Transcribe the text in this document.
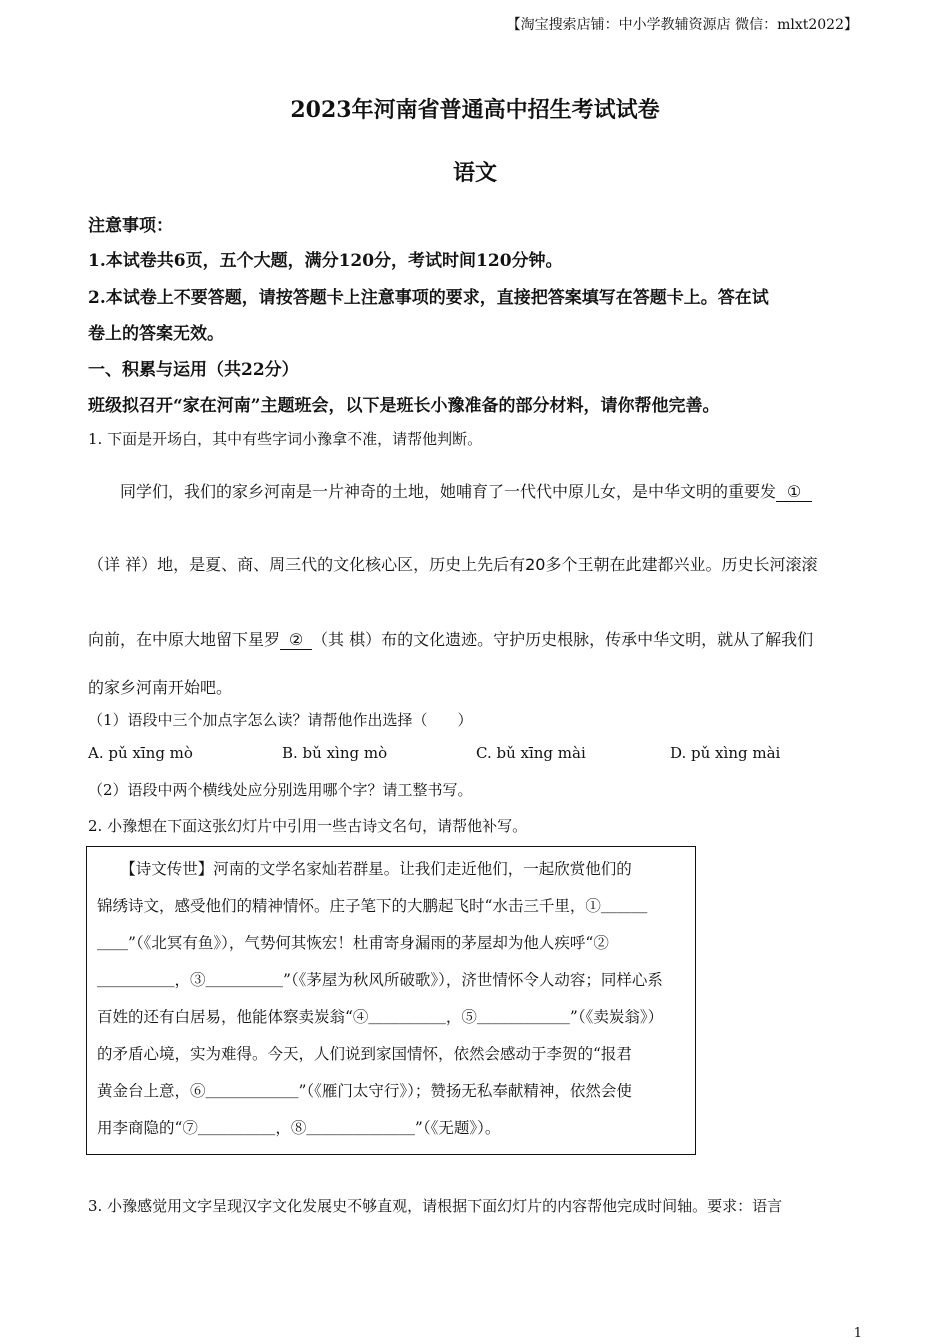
【淘宝搜索店铺：中小学教辅资源店 微信：mlxt2022】
2023年河南省普通高中招生考试试卷
语文
注意事项：
1.本试卷共6页，五个大题，满分120分，考试时间120分钟。
2.本试卷上不要答题，请按答题卡上注意事项的要求，直接把答案填写在答题卡上。答在试
卷上的答案无效。
一、积累与运用（共22分）
班级拟召开“家在河南”主题班会，以下是班长小豫准备的部分材料，请你帮他完善。
1. 下面是开场白，其中有些字词小豫拿不准，请帮他判断。
同学们，我们的家乡河南是一片神奇的土地，她哺育了一代代中原儿女，是中华文明的重要发 ①
（详 祥）地，是夏、商、周三代的文化核心区，历史上先后有20多个王朝在此建都兴业。历史长河滚滚
向前，在中原大地留下星罗 ② （其 棋）布的文化遗迹。守护历史根脉，传承中华文明，就从了解我们
的家乡河南开始吧。
（1）语段中三个加点字怎么读？请帮他作出选择（　　）
A. pǔ xīng mò	B. bǔ xìng mò	C. bǔ xīng mài	D. pǔ xìng mài
（2）语段中两个横线处应分别选用哪个字？请工整书写。
2. 小豫想在下面这张幻灯片中引用一些古诗文名句，请帮他补写。
　　【诗文传世】河南的文学名家灿若群星。让我们走近他们，一起欣赏他们的
锦绣诗文，感受他们的精神情怀。庄子笔下的大鹏起飞时“水击三千里，①＿＿＿
＿＿”（《北冥有鱼》），气势何其恢宏！杜甫寄身漏雨的茅屋却为他人疾呼“②
＿＿＿＿＿，③＿＿＿＿＿”（《茅屋为秋风所破歌》），济世情怀令人动容；同样心系
百姓的还有白居易，他能体察卖炭翁“④＿＿＿＿＿，⑤＿＿＿＿＿＿”（《卖炭翁》）
的矛盾心境，实为难得。今天，人们说到家国情怀，依然会感动于李贺的“报君
黄金台上意，⑥＿＿＿＿＿＿”（《雁门太守行》）；赞扬无私奉献精神，依然会使
用李商隐的“⑦＿＿＿＿＿，⑧＿＿＿＿＿＿＿”（《无题》）。
3. 小豫感觉用文字呈现汉字文化发展史不够直观，请根据下面幻灯片的内容帮他完成时间轴。要求：语言
1
